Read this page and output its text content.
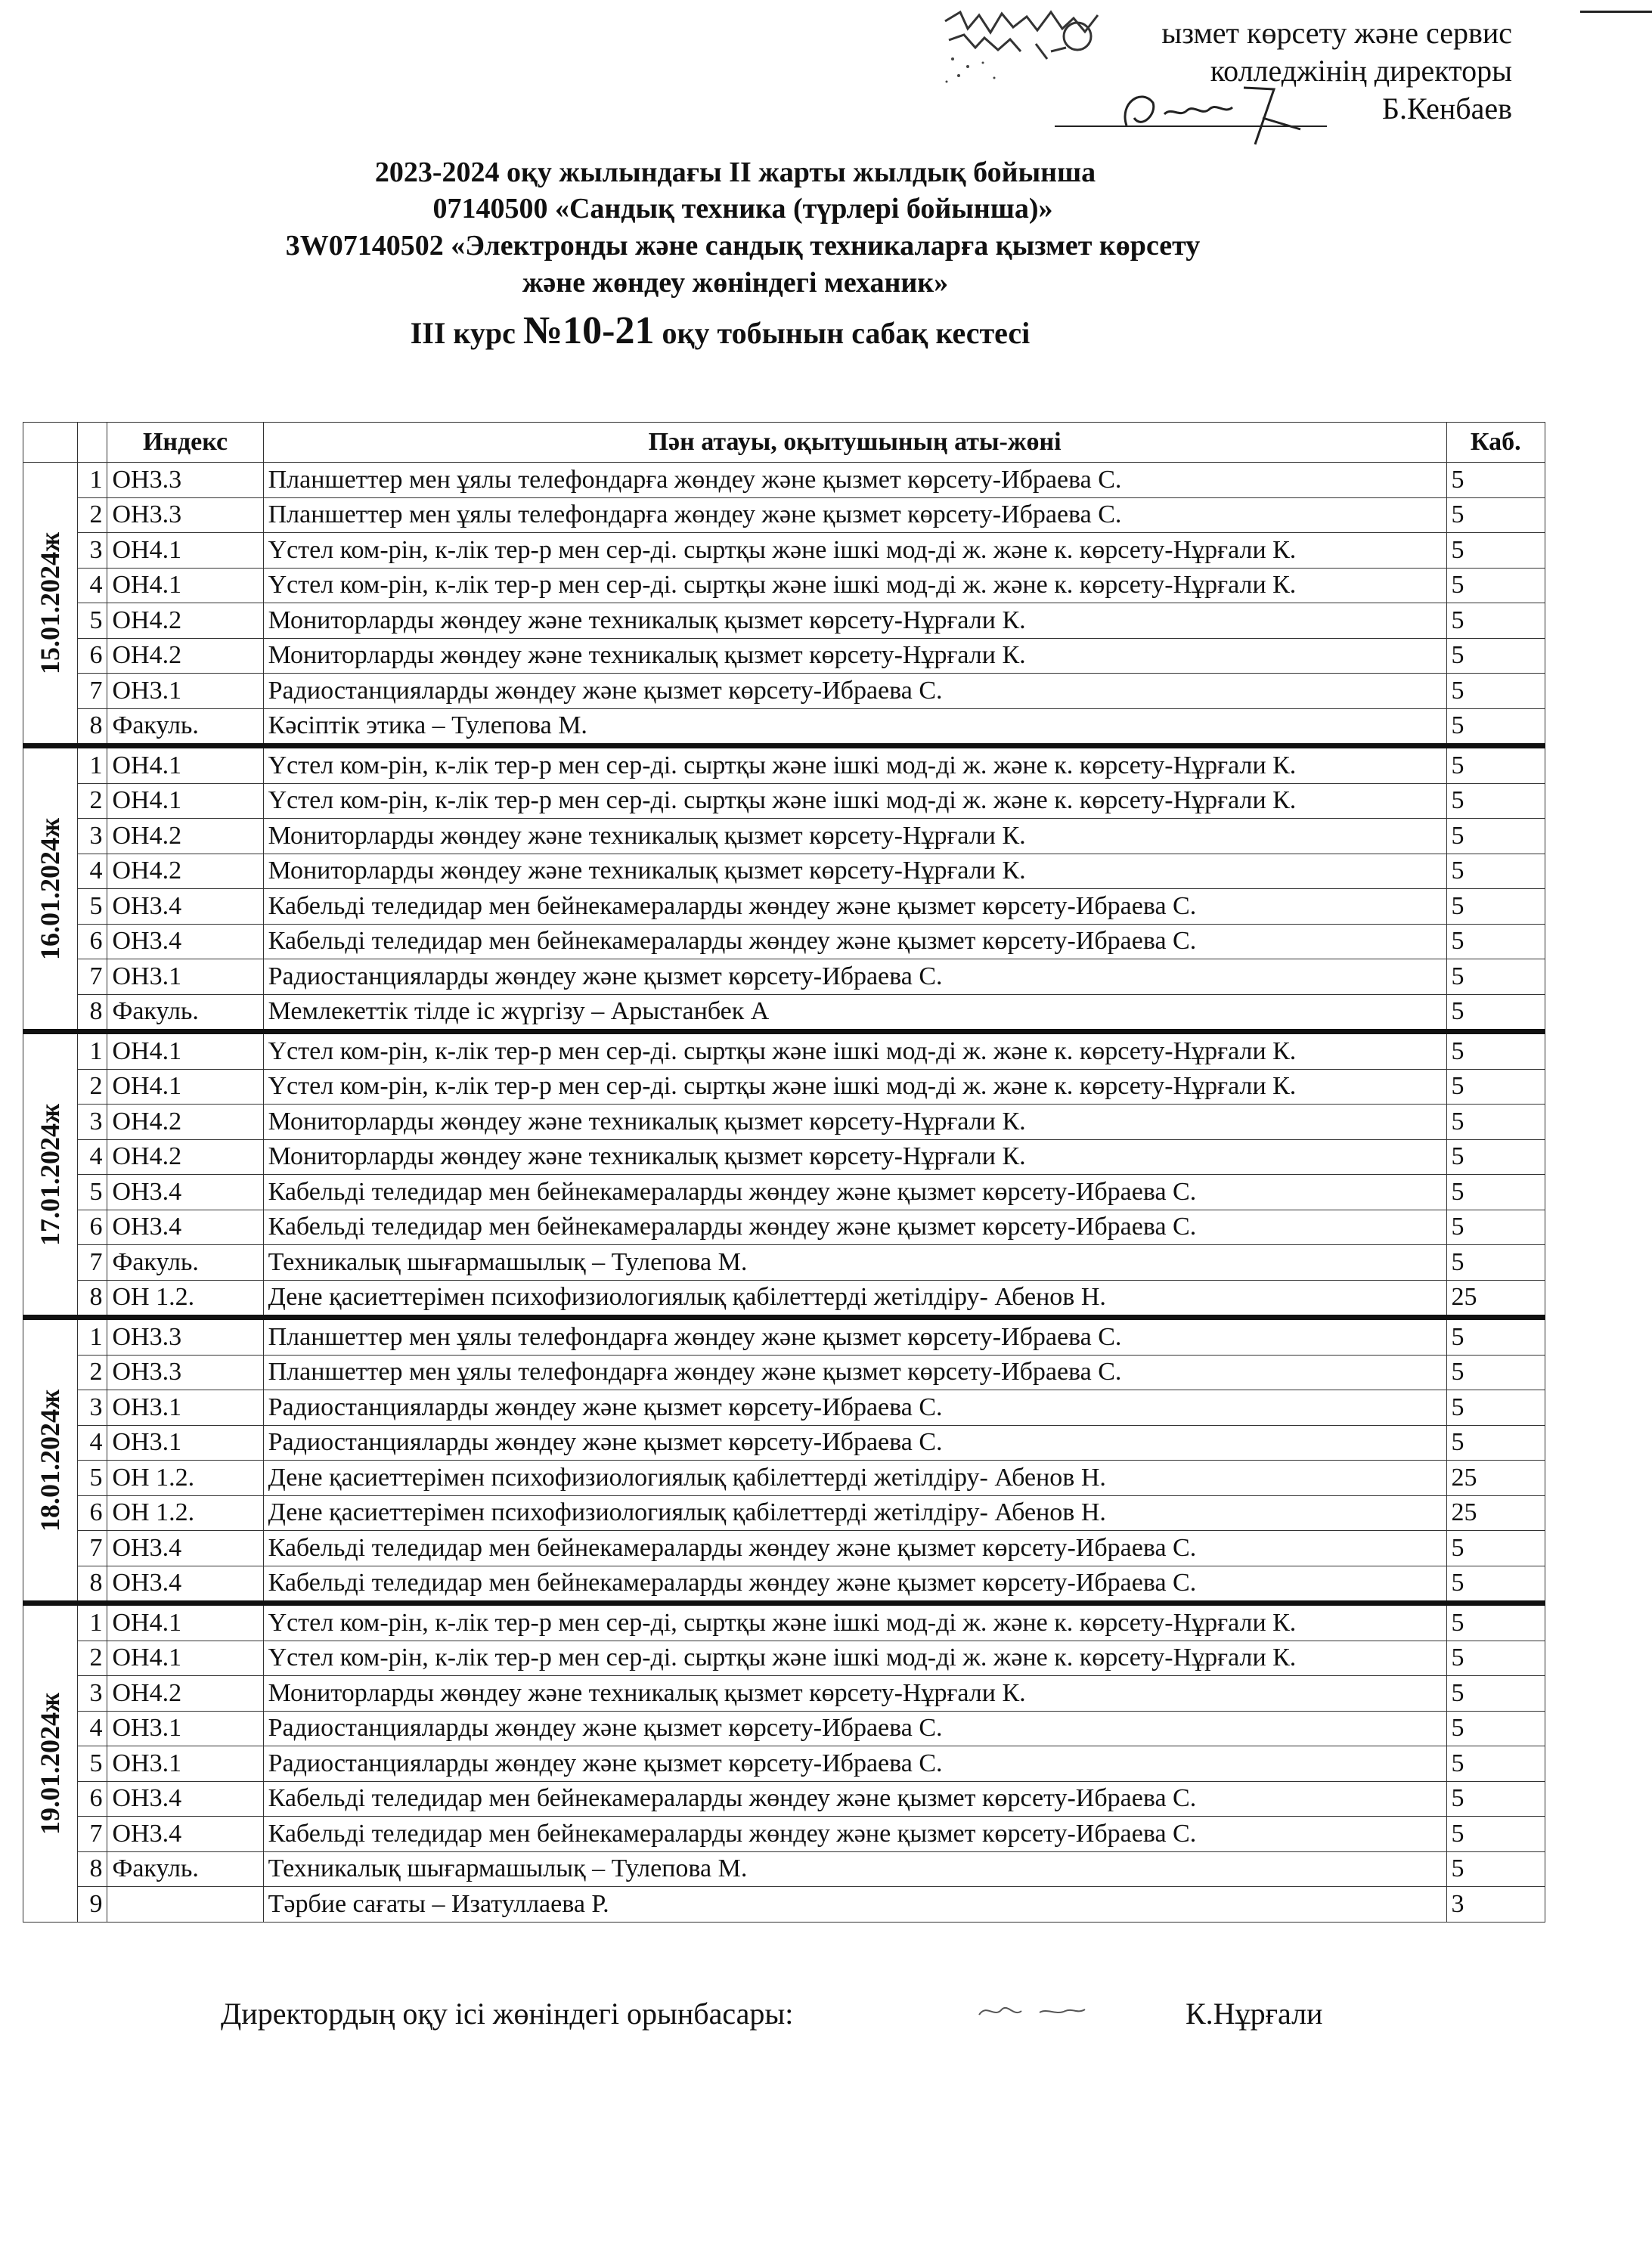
ызмет көрсету және сервис
колледжінің директоры
Б.Кенбаев
2023-2024 оқу жылындағы ІІ жарты жылдық бойынша
07140500 «Сандық техника (түрлері бойынша)»
3W07140502 «Электронды және сандық техникаларға қызмет көрсету
және жөндеу жөніндегі механик»
ІІІ курс №10-21 оқу тобынын сабақ кестесі
		Индекс	Пән атауы, оқытушының аты-жөні	Каб.

15.01.2024ж	1	ОН3.3	Планшеттер мен ұялы телефондарға жөндеу және қызмет көрсету-Ибраева С.	5
	2	ОН3.3	Планшеттер мен ұялы телефондарға жөндеу және қызмет көрсету-Ибраева С.	5
	3	ОН4.1	Үстел ком-рін, к-лік тер-р мен сер-ді. сыртқы және ішкі мод-ді ж. және к. көрсету-Нұрғали К.	5
	4	ОН4.1	Үстел ком-рін, к-лік тер-р мен сер-ді. сыртқы және ішкі мод-ді ж. және к. көрсету-Нұрғали К.	5
	5	ОН4.2	Мониторларды жөндеу және техникалық қызмет көрсету-Нұрғали К.	5
	6	ОН4.2	Мониторларды жөндеу және техникалық қызмет көрсету-Нұрғали К.	5
	7	ОН3.1	Радиостанцияларды жөндеу және қызмет көрсету-Ибраева С.	5
	8	Факуль.	Кәсіптік этика – Тулепова М.	5

16.01.2024ж	1	ОН4.1	Үстел ком-рін, к-лік тер-р мен сер-ді. сыртқы және ішкі мод-ді ж. және к. көрсету-Нұрғали К.	5
	2	ОН4.1	Үстел ком-рін, к-лік тер-р мен сер-ді. сыртқы және ішкі мод-ді ж. және к. көрсету-Нұрғали К.	5
	3	ОН4.2	Мониторларды жөндеу және техникалық қызмет көрсету-Нұрғали К.	5
	4	ОН4.2	Мониторларды жөндеу және техникалық қызмет көрсету-Нұрғали К.	5
	5	ОН3.4	Кабельді теледидар мен бейнекамераларды жөндеу және қызмет көрсету-Ибраева С.	5
	6	ОН3.4	Кабельді теледидар мен бейнекамераларды жөндеу және қызмет көрсету-Ибраева С.	5
	7	ОН3.1	Радиостанцияларды жөндеу және қызмет көрсету-Ибраева С.	5
	8	Факуль.	Мемлекеттік тілде іс жүргізу – Арыстанбек А	5

17.01.2024ж	1	ОН4.1	Үстел ком-рін, к-лік тер-р мен сер-ді. сыртқы және ішкі мод-ді ж. және к. көрсету-Нұрғали К.	5
	2	ОН4.1	Үстел ком-рін, к-лік тер-р мен сер-ді. сыртқы және ішкі мод-ді ж. және к. көрсету-Нұрғали К.	5
	3	ОН4.2	Мониторларды жөндеу және техникалық қызмет көрсету-Нұрғали К.	5
	4	ОН4.2	Мониторларды жөндеу және техникалық қызмет көрсету-Нұрғали К.	5
	5	ОН3.4	Кабельді теледидар мен бейнекамераларды жөндеу және қызмет көрсету-Ибраева С.	5
	6	ОН3.4	Кабельді теледидар мен бейнекамераларды жөндеу және қызмет көрсету-Ибраева С.	5
	7	Факуль.	Техникалық шығармашылық – Тулепова М.	5
	8	ОН 1.2.	Дене қасиеттерімен психофизиологиялық қабілеттерді жетілдіру- Абенов Н.	25

18.01.2024ж	1	ОН3.3	Планшеттер мен ұялы телефондарға жөндеу және қызмет көрсету-Ибраева С.	5
	2	ОН3.3	Планшеттер мен ұялы телефондарға жөндеу және қызмет көрсету-Ибраева С.	5
	3	ОН3.1	Радиостанцияларды жөндеу және қызмет көрсету-Ибраева С.	5
	4	ОН3.1	Радиостанцияларды жөндеу және қызмет көрсету-Ибраева С.	5
	5	ОН 1.2.	Дене қасиеттерімен психофизиологиялық қабілеттерді жетілдіру- Абенов Н.	25
	6	ОН 1.2.	Дене қасиеттерімен психофизиологиялық қабілеттерді жетілдіру- Абенов Н.	25
	7	ОН3.4	Кабельді теледидар мен бейнекамераларды жөндеу және қызмет көрсету-Ибраева С.	5
	8	ОН3.4	Кабельді теледидар мен бейнекамераларды жөндеу және қызмет көрсету-Ибраева С.	5

19.01.2024ж	1	ОН4.1	Үстел ком-рін, к-лік тер-р мен сер-ді, сыртқы және ішкі мод-ді ж. және к. көрсету-Нұрғали К.	5
	2	ОН4.1	Үстел ком-рін, к-лік тер-р мен сер-ді. сыртқы және ішкі мод-ді ж. және к. көрсету-Нұрғали К.	5
	3	ОН4.2	Мониторларды жөндеу және техникалық қызмет көрсету-Нұрғали К.	5
	4	ОН3.1	Радиостанцияларды жөндеу және қызмет көрсету-Ибраева С.	5
	5	ОН3.1	Радиостанцияларды жөндеу және қызмет көрсету-Ибраева С.	5
	6	ОН3.4	Кабельді теледидар мен бейнекамераларды жөндеу және қызмет көрсету-Ибраева С.	5
	7	ОН3.4	Кабельді теледидар мен бейнекамераларды жөндеу және қызмет көрсету-Ибраева С.	5
	8	Факуль.	Техникалық шығармашылық – Тулепова М.	5
	9		Тәрбие сағаты – Изатуллаева Р.	3
Директордың оқу ісі жөніндегі орынбасары:	К.Нұрғали
